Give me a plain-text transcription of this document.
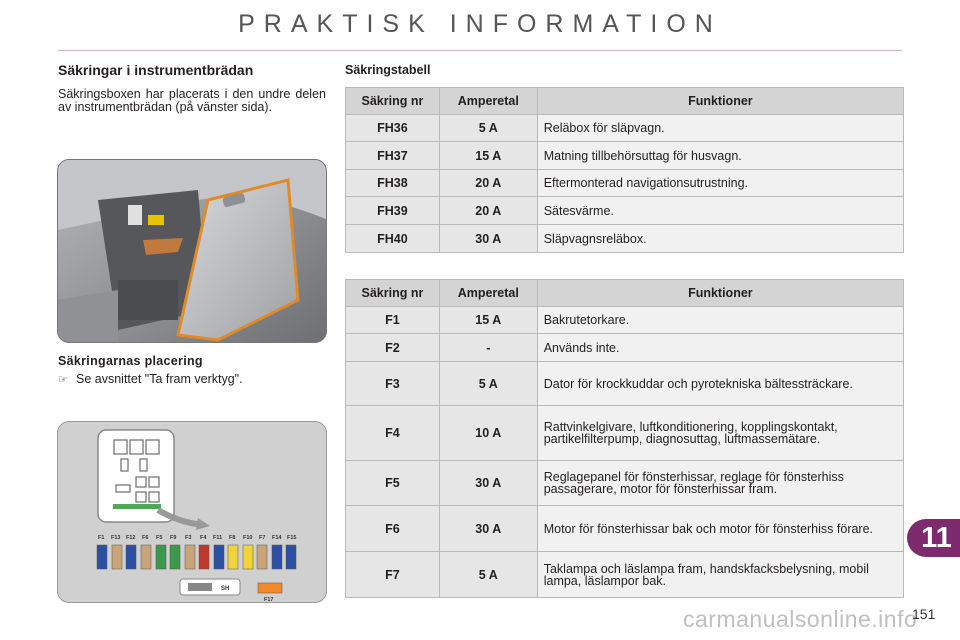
PRAKTISK INFORMATION
Säkringar i instrumentbrädan
Säkringsboxen har placerats i den undre delen av instrumentbrädan (på vänster sida).
Säkringarnas placering
☞ Se avsnittet "Ta fram verktyg".
F1 F13 F12 F6 F5 F9 F3 F4 F11 F8 F10 F7 F14 F15
SH
F17
Säkringstabell
Säkring nr	Amperetal	Funktioner
FH36	5 A	Reläbox för släpvagn.
FH37	15 A	Matning tillbehörsuttag för husvagn.
FH38	20 A	Eftermonterad navigationsutrustning.
FH39	20 A	Sätesvärme.
FH40	30 A	Släpvagnsreläbox.
Säkring nr	Amperetal	Funktioner
F1	15 A	Bakrutetorkare.
F2	-	Används inte.
F3	5 A	Dator för krockkuddar och pyrotekniska bältessträckare.
F4	10 A	Rattvinkelgivare, luftkonditionering, kopplingskontakt, partikelfilterpump, diagnosuttag, luftmassemätare.
F5	30 A	Reglagepanel för fönsterhissar, reglage för fönsterhiss passagerare, motor för fönsterhissar fram.
F6	30 A	Motor för fönsterhissar bak och motor för fönsterhiss förare.
F7	5 A	Taklampa och läslampa fram, handskfacksbelysning, mobil lampa, läslampor bak.
11
carmanualsonline.info
151
